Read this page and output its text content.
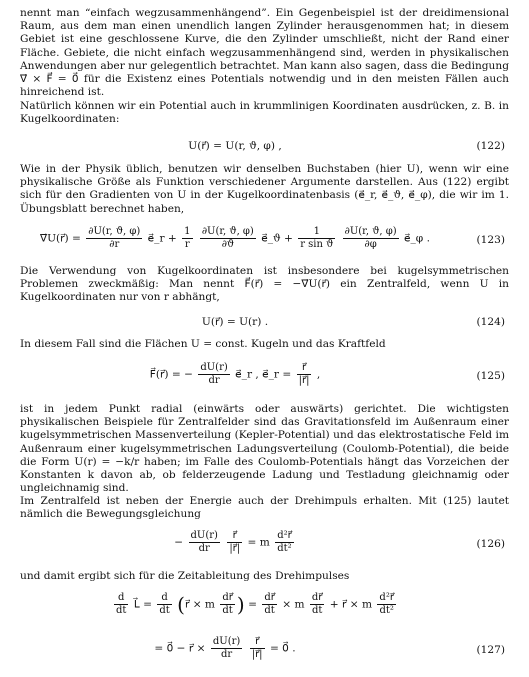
nennt man “einfach wegzusammenhängend”. Ein Gegenbeispiel ist der dreidimensional Raum, aus dem man einen unendlich langen Zylinder herausgenommen hat; in diesem Gebiet ist eine geschlossene Kurve, die den Zylinder umschließt, nicht der Rand einer Fläche. Gebiete, die nicht einfach wegzusammenhängend sind, werden in physikalischen Anwendungen aber nur gelegentlich betrachtet. Man kann also sagen, dass die Bedingung ∇⃗ × F⃗ = 0⃗ für die Existenz eines Potentials notwendig und in den meisten Fällen auch hinreichend ist.

Natürlich können wir ein Potential auch in krummlinigen Koordinaten ausdrücken, z. B. in Kugelkoordinaten:

U(r⃗) = U(r, ϑ, φ) ,	(122)

Wie in der Physik üblich, benutzen wir denselben Buchstaben (hier U), wenn wir eine physikalische Größe als Funktion verschiedener Argumente darstellen. Aus (122) ergibt sich für den Gradienten von U in der Kugelkoordinatenbasis (e⃗_r, e⃗_ϑ, e⃗_φ), die wir im 1. Übungsblatt berechnet haben,

∇⃗U(r⃗) = $\frac{\partial U(r, ϑ, \varphi)}{\partial r}$ e⃗_r + $\frac{1}{r}$
$\frac{\partial U(r, ϑ, \varphi)}{\partial ϑ}$ e⃗_ϑ + $\frac{1}{\text{r sin ϑ}}$
$\frac{\partial U(r, ϑ, \varphi)}{\partial\varphi}$ e⃗_φ .	(123)

Die Verwendung von Kugelkoordinaten ist insbesondere bei kugelsymmetrischen Problemen zweckmäßig: Man nennt F⃗(r⃗) = −∇⃗U(r⃗) ein Zentralfeld, wenn U in Kugelkoordinaten nur von r abhängt,

U(r⃗) = U(r) .	(124)

In diesem Fall sind die Flächen U = const. Kugeln und das Kraftfeld

F⃗(r⃗) = − $\frac{dU(r)}{dr}$ e⃗_r , e⃗_r = $\frac{r⃗}{|r⃗|}$ ,	(125)

ist in jedem Punkt radial (einwärts oder auswärts) gerichtet. Die wichtigsten physikalischen Beispiele für Zentralfelder sind das Gravitationsfeld im Außenraum einer kugelsymmetrischen Massenverteilung (Kepler-Potential) und das elektrostatische Feld im Außenraum einer kugelsymmetrischen Ladungsverteilung (Coulomb-Potential), die beide die Form U(r) = −k/r haben; im Falle des Coulomb-Potentials hängt das Vorzeichen der Konstanten k davon ab, ob felderzeugende Ladung und Testladung gleichnamig oder ungleichnamig sind.

Im Zentralfeld ist neben der Energie auch der Drehimpuls erhalten. Mit (125) lautet nämlich die Bewegungsgleichung

− $\frac{dU(r)}{dr}$
$\frac{r⃗}{|r⃗|} = m \frac{\text{d²r⃗}}{\text{dt²}}$	(126)

und damit ergibt sich für die Zeitableitung des Drehimpulses

$\frac{d}{dt}$ L⃗ = $\frac{d}{dt}$ (r⃗ × m $\frac{dr⃗}{dt}$ ) = $\frac{dr⃗}{dt} \times m \frac{dr⃗}{dt}$ + r⃗ × m $\frac{\text{d²r⃗}}{\text{dt²}}$
= 0⃗ − r⃗ × $\frac{dU(r)}{dr}$
$\frac{r⃗}{|r⃗|}$ = 0⃗ .	(127)
